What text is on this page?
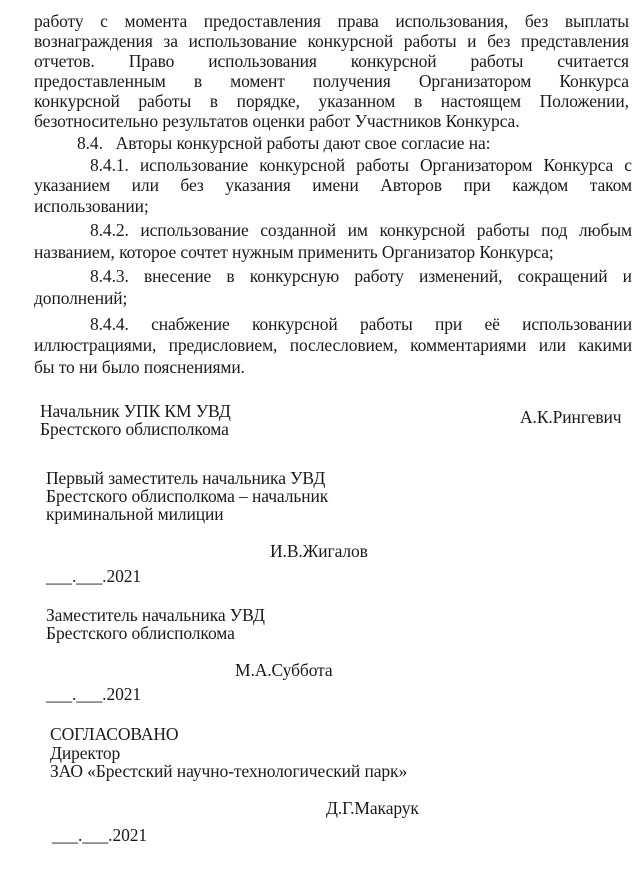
работу с момента предоставления права использования, без выплаты
вознаграждения за использование конкурсной работы и без представления
отчетов. Право использования конкурсной работы считается
предоставленным в момент получения Организатором Конкурса
конкурсной работы в порядке, указанном в настоящем Положении,
безотносительно результатов оценки работ Участников Конкурса.
8.4.   Авторы конкурсной работы дают свое согласие на:
8.4.1. использование конкурсной работы Организатором Конкурса с
указанием или без указания имени Авторов при каждом таком
использовании;
8.4.2. использование созданной им конкурсной работы под любым
названием, которое сочтет нужным применить Организатор Конкурса;
8.4.3. внесение в конкурсную работу изменений, сокращений и
дополнений;
8.4.4. снабжение конкурсной работы при её использовании
иллюстрациями, предисловием, послесловием, комментариями или какими
бы то ни было пояснениями.
Начальник УПК КМ УВД
Брестского облисполкома
А.К.Рингевич
Первый заместитель начальника УВД
Брестского облисполкома – начальник
криминальной милиции
И.В.Жигалов
___.___.2021
Заместитель начальника УВД
Брестского облисполкома
М.А.Суббота
___.___.2021
СОГЛАСОВАНО
Директор
ЗАО «Брестский научно-технологический парк»
Д.Г.Макарук
___.___.2021
